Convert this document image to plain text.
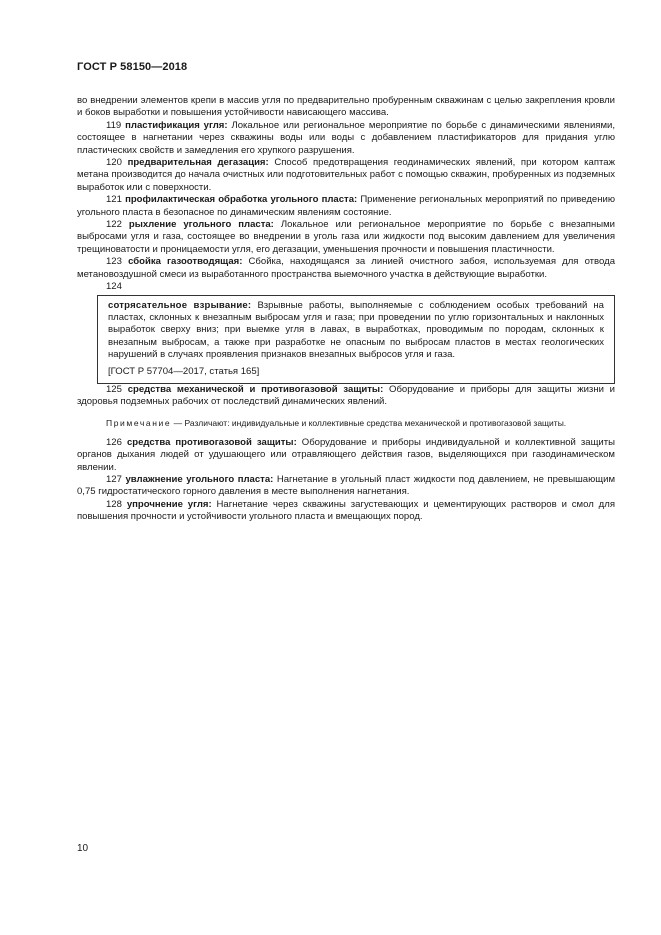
ГОСТ Р 58150—2018

во внедрении элементов крепи в массив угля по предварительно пробуренным скважинам с целью закрепления кровли и боков выработки и повышения устойчивости нависающего массива.

119 пластификация угля: Локальное или региональное мероприятие по борьбе с динамическими явлениями, состоящее в нагнетании через скважины воды или воды с добавлением пластификаторов для придания углю пластических свойств и замедления его хрупкого разрушения.

120 предварительная дегазация: Способ предотвращения геодинамических явлений, при котором каптаж метана производится до начала очистных или подготовительных работ с помощью скважин, пробуренных из подземных выработок или с поверхности.

121 профилактическая обработка угольного пласта: Применение региональных мероприятий по приведению угольного пласта в безопасное по динамическим явлениям состояние.

122 рыхление угольного пласта: Локальное или региональное мероприятие по борьбе с внезапными выбросами угля и газа, состоящее во внедрении в уголь газа или жидкости под высоким давлением для увеличения трещиноватости и проницаемости угля, его дегазации, уменьшения прочности и повышения пластичности.

123 сбойка газоотводящая: Сбойка, находящаяся за линией очистного забоя, используемая для отвода метановоздушной смеси из выработанного пространства выемочного участка в действующие выработки.

124

сотрясательное взрывание: Взрывные работы, выполняемые с соблюдением особых требований на пластах, склонных к внезапным выбросам угля и газа; при проведении по углю горизонтальных и наклонных выработок сверху вниз; при выемке угля в лавах, в выработках, проводимым по породам, склонных к внезапным выбросам, а также при разработке не опасным по выбросам пластов в местах геологических нарушений в случаях проявления признаков внезапных выбросов угля и газа.

[ГОСТ Р 57704—2017, статья 165]

125 средства механической и противогазовой защиты: Оборудование и приборы для защиты жизни и здоровья подземных рабочих от последствий динамических явлений.

Примечание — Различают: индивидуальные и коллективные средства механической и противогазовой защиты.

126 средства противогазовой защиты: Оборудование и приборы индивидуальной и коллективной защиты органов дыхания людей от удушающего или отравляющего действия газов, выделяющихся при газодинамическом явлении.

127 увлажнение угольного пласта: Нагнетание в угольный пласт жидкости под давлением, не превышающим 0,75 гидростатического горного давления в месте выполнения нагнетания.

128 упрочнение угля: Нагнетание через скважины загустевающих и цементирующих растворов и смол для повышения прочности и устойчивости угольного пласта и вмещающих пород.

10
